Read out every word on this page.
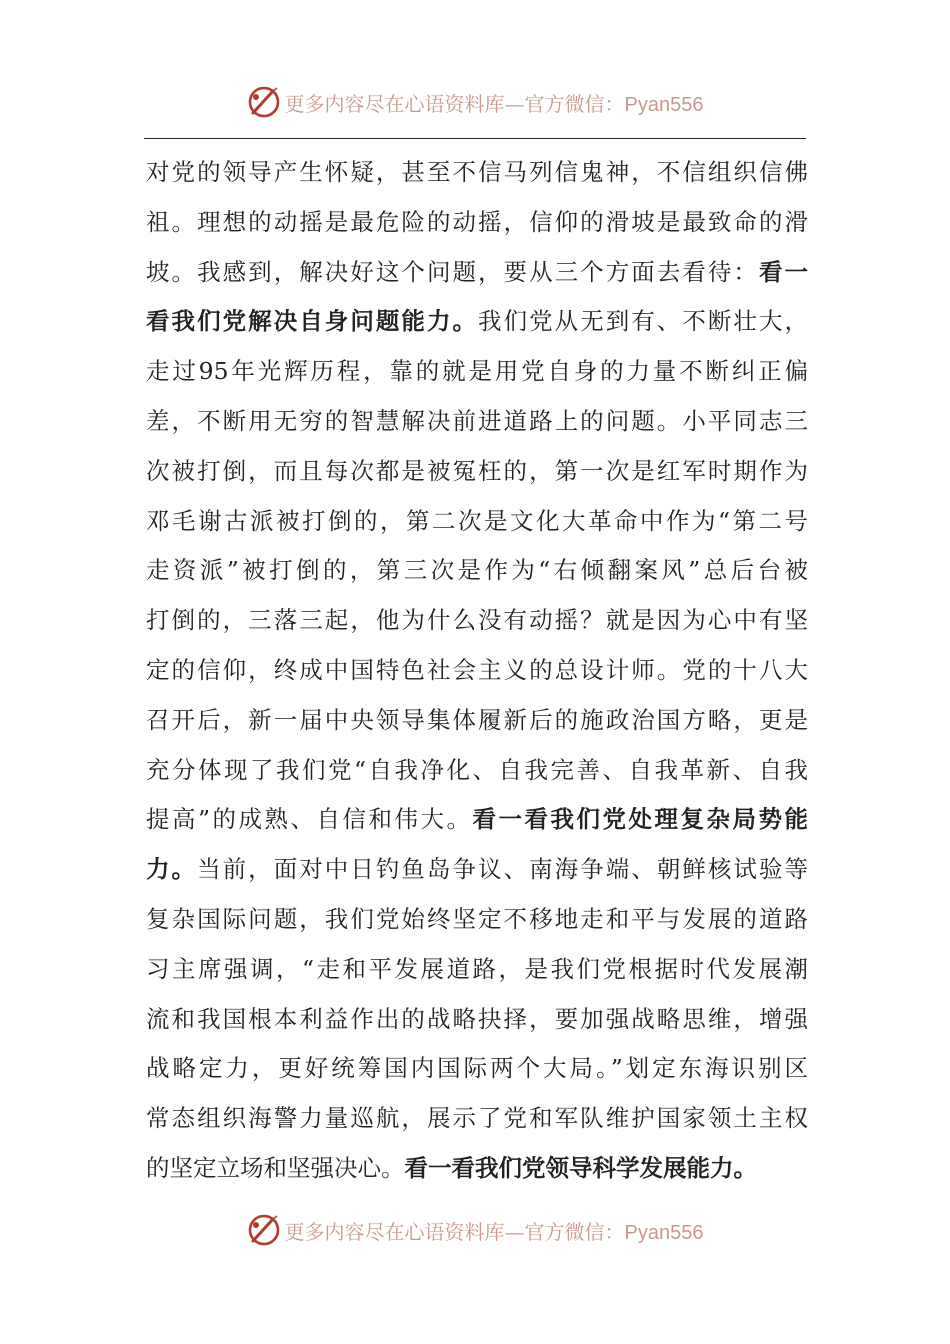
更多内容尽在心语资料库—官方微信：Pyan556
对党的领导产生怀疑，甚至不信马列信鬼神，不信组织信佛
祖。理想的动摇是最危险的动摇，信仰的滑坡是最致命的滑
坡。我感到，解决好这个问题，要从三个方面去看待：看一
看我们党解决自身问题能力。我们党从无到有、不断壮大，
走过95年光辉历程，靠的就是用党自身的力量不断纠正偏
差，不断用无穷的智慧解决前进道路上的问题。小平同志三
次被打倒，而且每次都是被冤枉的，第一次是红军时期作为
邓毛谢古派被打倒的，第二次是文化大革命中作为“第二号
走资派”被打倒的，第三次是作为“右倾翻案风”总后台被
打倒的，三落三起，他为什么没有动摇？就是因为心中有坚
定的信仰，终成中国特色社会主义的总设计师。党的十八大
召开后，新一届中央领导集体履新后的施政治国方略，更是
充分体现了我们党“自我净化、自我完善、自我革新、自我
提高”的成熟、自信和伟大。看一看我们党处理复杂局势能
力。当前，面对中日钓鱼岛争议、南海争端、朝鲜核试验等
复杂国际问题，我们党始终坚定不移地走和平与发展的道路
习主席强调，“走和平发展道路，是我们党根据时代发展潮
流和我国根本利益作出的战略抉择，要加强战略思维，增强
战略定力，更好统筹国内国际两个大局。”划定东海识别区
常态组织海警力量巡航，展示了党和军队维护国家领土主权
的坚定立场和坚强决心。看一看我们党领导科学发展能力。
更多内容尽在心语资料库—官方微信：Pyan556
